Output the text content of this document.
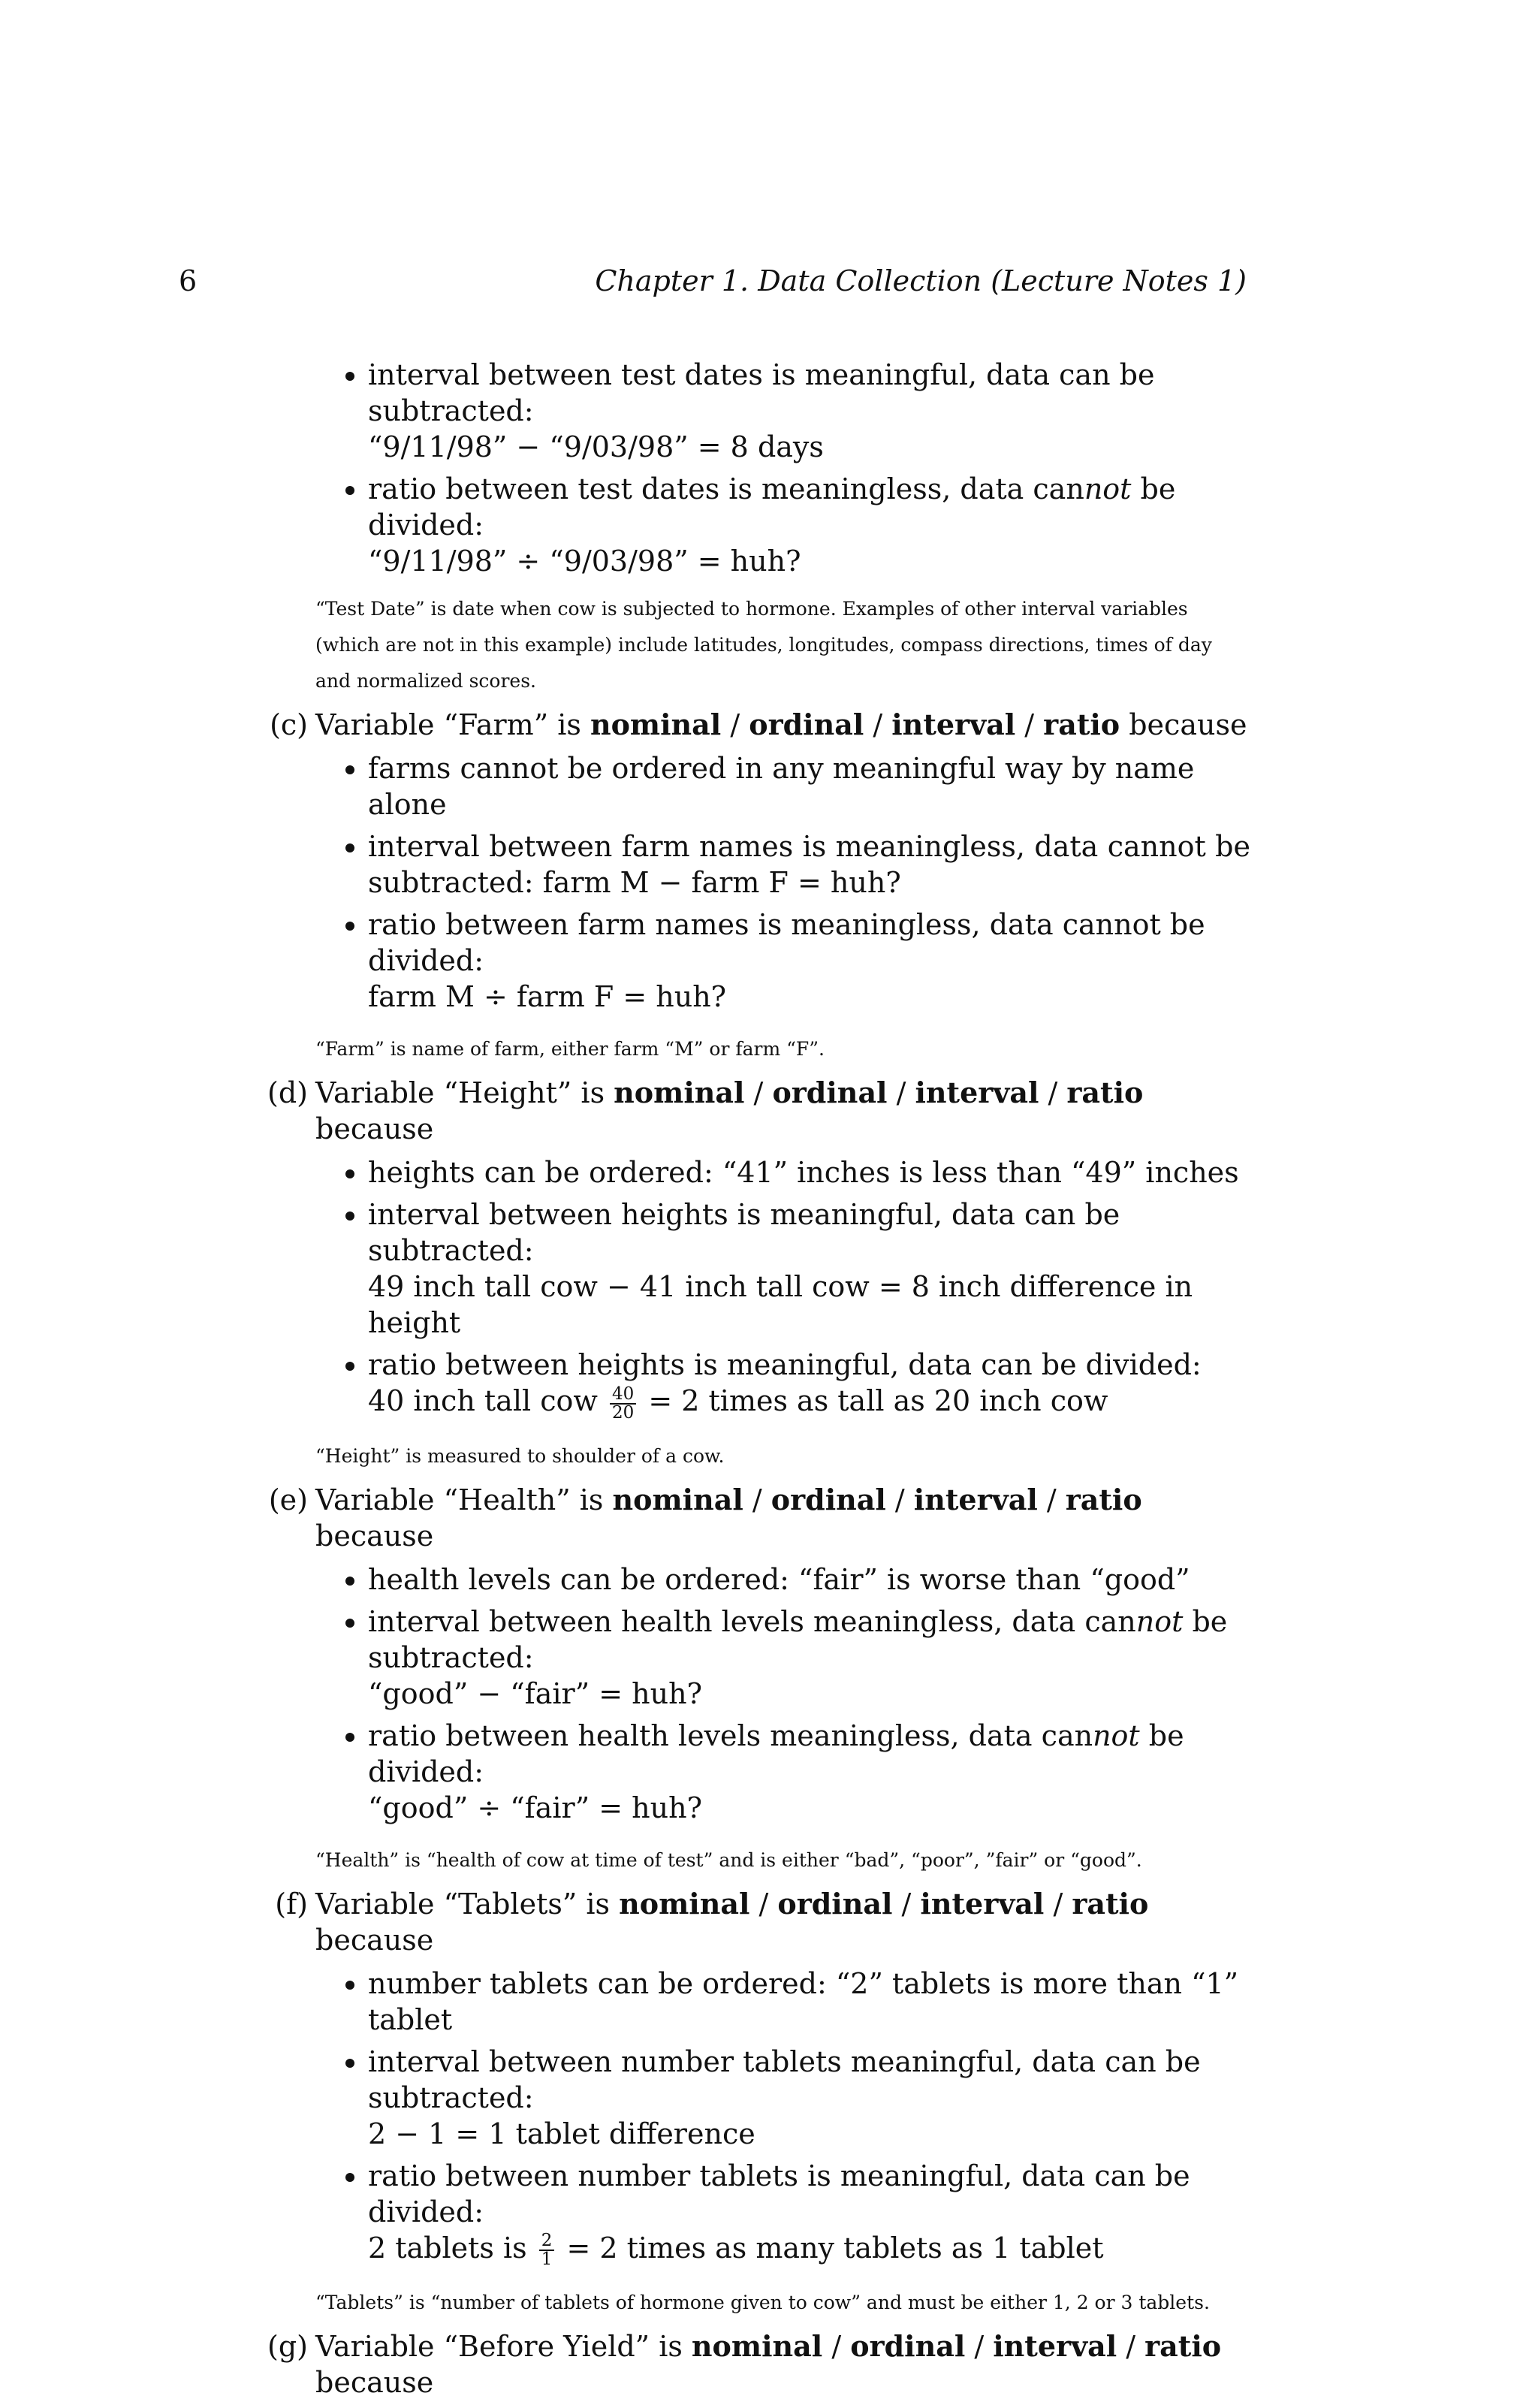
6	Chapter 1. Data Collection (Lecture Notes 1)
interval between test dates is meaningful, data can be subtracted:
“9/11/98” − “9/03/98” = 8 days
ratio between test dates is meaningless, data cannot be divided:
“9/11/98” ÷ “9/03/98” = huh?
“Test Date” is date when cow is subjected to hormone. Examples of other interval variables (which are not in this example) include latitudes, longitudes, compass directions, times of day and normalized scores.
(c) Variable “Farm” is nominal / ordinal / interval / ratio because
farms cannot be ordered in any meaningful way by name alone
interval between farm names is meaningless, data cannot be subtracted: farm M − farm F = huh?
ratio between farm names is meaningless, data cannot be divided:
farm M ÷ farm F = huh?
“Farm” is name of farm, either farm “M” or farm “F”.
(d) Variable “Height” is nominal / ordinal / interval / ratio because
heights can be ordered: “41” inches is less than “49” inches
interval between heights is meaningful, data can be subtracted:
49 inch tall cow − 41 inch tall cow = 8 inch difference in height
ratio between heights is meaningful, data can be divided:
40 inch tall cow $\frac{40}{20} = 2$ times as tall as 20 inch cow
“Height” is measured to shoulder of a cow.
(e) Variable “Health” is nominal / ordinal / interval / ratio because
health levels can be ordered: “fair” is worse than “good”
interval between health levels meaningless, data cannot be subtracted:
“good” − “fair” = huh?
ratio between health levels meaningless, data cannot be divided:
“good” ÷ “fair” = huh?
“Health” is “health of cow at time of test” and is either “bad”, “poor”, ”fair” or “good”.
(f) Variable “Tablets” is nominal / ordinal / interval / ratio because
number tablets can be ordered: “2” tablets is more than “1” tablet
interval between number tablets meaningful, data can be subtracted:
2 − 1 = 1 tablet difference
ratio between number tablets is meaningful, data can be divided:
2 tablets is $\frac{2}{1} = 2$ times as many tablets as 1 tablet
“Tablets” is “number of tablets of hormone given to cow” and must be either 1, 2 or 3 tablets.
(g) Variable “Before Yield” is nominal / ordinal / interval / ratio because
